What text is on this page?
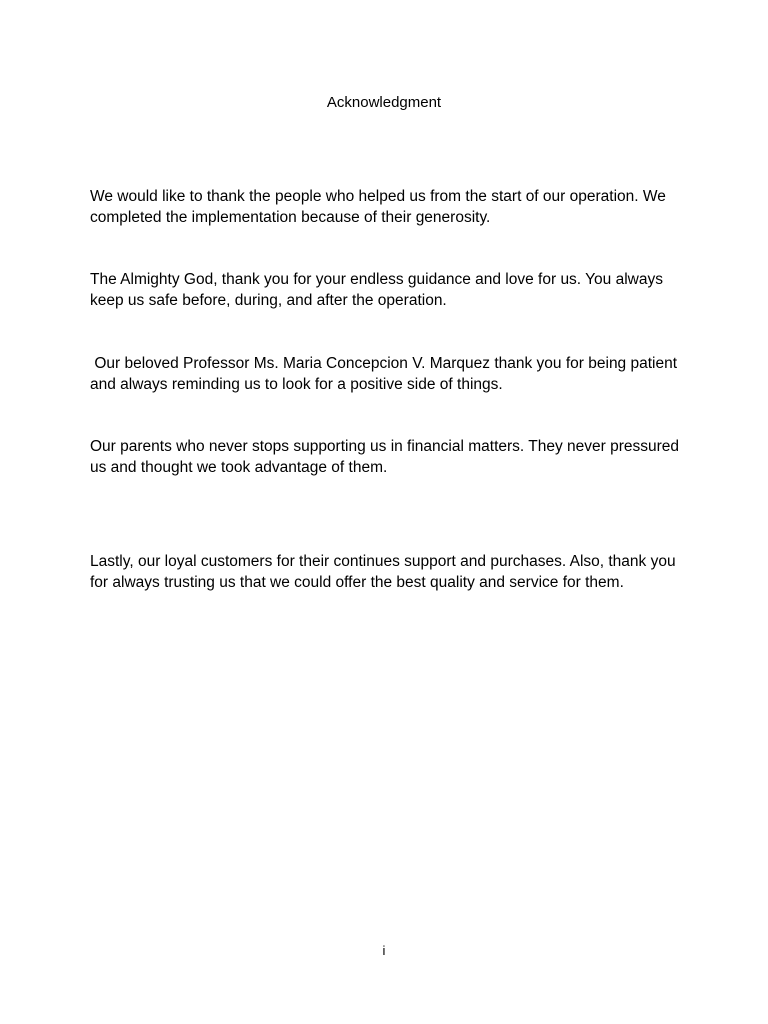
Acknowledgment

We would like to thank the people who helped us from the start of our operation. We completed the implementation because of their generosity.

The Almighty God, thank you for your endless guidance and love for us. You always keep us safe before, during, and after the operation.

Our beloved Professor Ms. Maria Concepcion V. Marquez thank you for being patient and always reminding us to look for a positive side of things.

Our parents who never stops supporting us in financial matters. They never pressured us and thought we took advantage of them.

Lastly, our loyal customers for their continues support and purchases. Also, thank you for always trusting us that we could offer the best quality and service for them.

i
